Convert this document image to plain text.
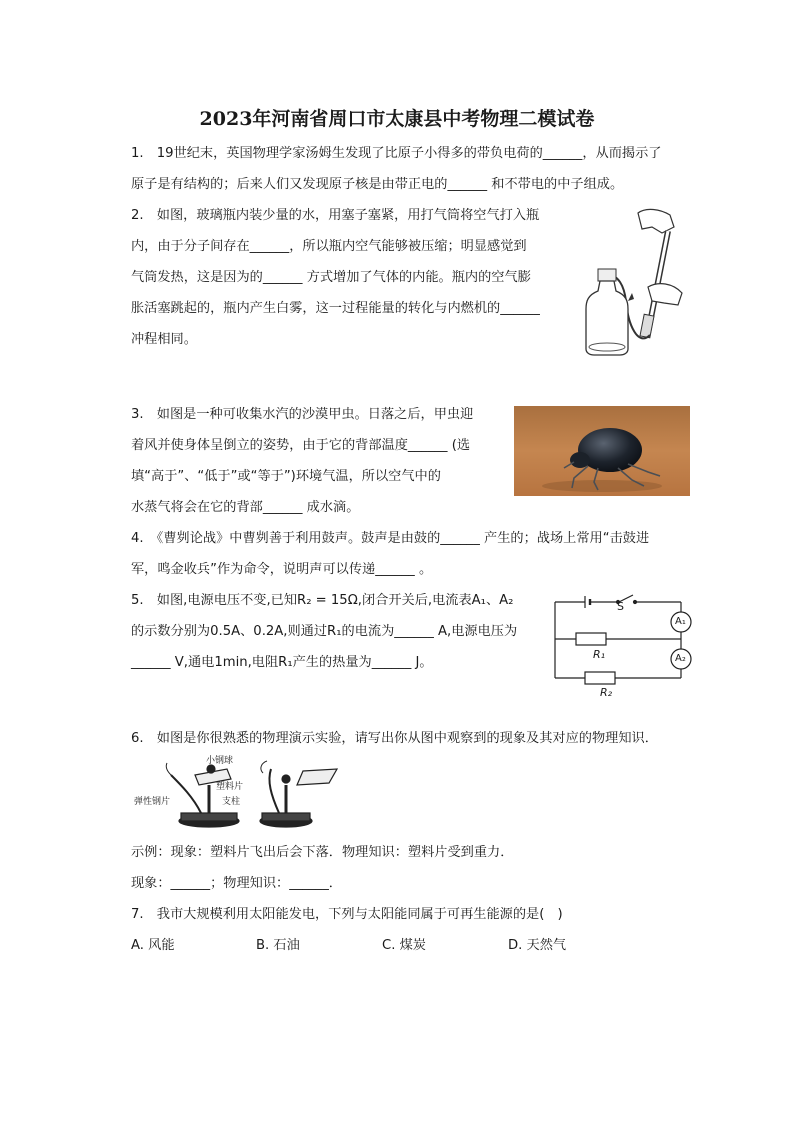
2023年河南省周口市太康县中考物理二模试卷
1.　19世纪末，英国物理学家汤姆生发现了比原子小得多的带负电荷的______，从而揭示了
原子是有结构的；后来人们又发现原子核是由带正电的______ 和不带电的中子组成。
2.　如图，玻璃瓶内装少量的水，用塞子塞紧，用打气筒将空气打入瓶
内，由于分子间存在______，所以瓶内空气能够被压缩；明显感觉到
气筒发热，这是因为的______ 方式增加了气体的内能。瓶内的空气膨
胀活塞跳起的，瓶内产生白雾，这一过程能量的转化与内燃机的______
冲程相同。
3.　如图是一种可收集水汽的沙漠甲虫。日落之后，甲虫迎
着风并使身体呈倒立的姿势，由于它的背部温度______ (选
填“高于”、“低于”或“等于”)环境气温，所以空气中的
水蒸气将会在它的背部______ 成水滴。
4.　《曹刿论战》中曹刿善于利用鼓声。鼓声是由鼓的______ 产生的；战场上常用“击鼓进
军，鸣金收兵”作为命令，说明声可以传递______ 。
5.　如图,电源电压不变,已知R₂ = 15Ω,闭合开关后,电流表A₁、A₂
的示数分别为0.5A、0.2A,则通过R₁的电流为______ A,电源电压为
______ V,通电1min,电阻R₁产生的热量为______ J。
S
A₁
A₂
R₁
R₂
6.　如图是你很熟悉的物理演示实验，请写出你从图中观察到的现象及其对应的物理知识．
小钢球
塑料片
弹性钢片	支柱
示例：现象：塑料片飞出后会下落．物理知识：塑料片受到重力．
现象：______；物理知识：______．
7.　我市大规模利用太阳能发电，下列与太阳能同属于可再生能源的是(　)
A. 风能	B. 石油	C. 煤炭	D. 天然气
